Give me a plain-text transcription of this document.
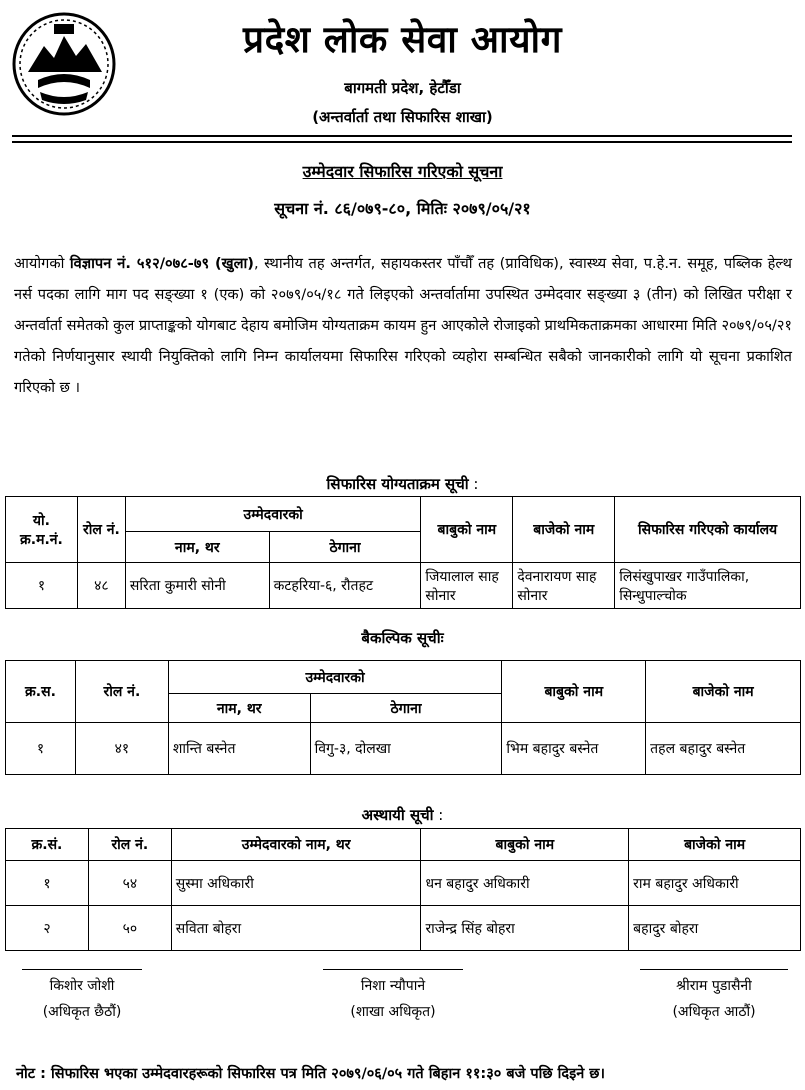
प्रदेश लोक सेवा आयोग
बागमती प्रदेश, हेटौँडा
(अन्तर्वार्ता तथा सिफारिस शाखा)
उम्मेदवार सिफारिस गरिएको सूचना
सूचना नं. ८६/०७९-८०, मितिः २०७९/०५/२१
आयोगको विज्ञापन नं. ५१२/०७८-७९ (खुला), स्थानीय तह अन्तर्गत, सहायकस्तर पाँचौँ तह (प्राविधिक), स्वास्थ्य सेवा, प.हे.न. समूह, पब्लिक हेल्थ नर्स पदका लागि माग पद सङ्ख्या १ (एक) को २०७९/०५/१८ गते लिइएको अन्तर्वार्तामा उपस्थित उम्मेदवार सङ्ख्या ३ (तीन) को लिखित परीक्षा र अन्तर्वार्ता समेतको कुल प्राप्ताङ्कको योगबाट देहाय बमोजिम योग्यताक्रम कायम हुन आएकोले रोजाइको प्राथमिकताक्रमका आधारमा मिति २०७९/०५/२१ गतेको निर्णयानुसार स्थायी नियुक्तिको लागि निम्न कार्यालयमा सिफारिस गरिएको व्यहोरा सम्बन्धित सबैको जानकारीको लागि यो सूचना प्रकाशित गरिएको छ ।
सिफारिस योग्यताक्रम सूची :
यो. क्र.म.नं.	रोल नं.	उम्मेदवारको		बाबुको नाम	बाजेको नाम	सिफारिस गरिएको कार्यालय
		नाम, थर	ठेगाना			
१	४८	सरिता कुमारी सोनी	कटहरिया-६, रौतहट	जियालाल साह सोनार	देवनारायण साह सोनार	लिसंखुपाखर गाउँपालिका, सिन्धुपाल्चोक
बैकल्पिक सूचीः
क्र.स.	रोल नं.	उम्मेदवारको		बाबुको नाम	बाजेको नाम
		नाम, थर	ठेगाना		
१	४१	शान्ति बस्नेत	विगु-३, दोलखा	भिम बहादुर बस्नेत	तहल बहादुर बस्नेत
अस्थायी सूची :
क्र.सं.	रोल नं.	उम्मेदवारको नाम, थर	बाबुको नाम	बाजेको नाम
१	५४	सुस्मा अधिकारी	धन बहादुर अधिकारी	राम बहादुर अधिकारी
२	५०	सविता बोहरा	राजेन्द्र सिंह बोहरा	बहादुर बोहरा
किशोर जोशी
(अधिकृत छैठौं)
निशा न्यौपाने
(शाखा अधिकृत)
श्रीराम पुडासैनी
(अधिकृत आठौं)
नोट : सिफारिस भएका उम्मेदवारहरूको सिफारिस पत्र मिति २०७९/०६/०५ गते बिहान ११:३० बजे पछि दिइने छ।
